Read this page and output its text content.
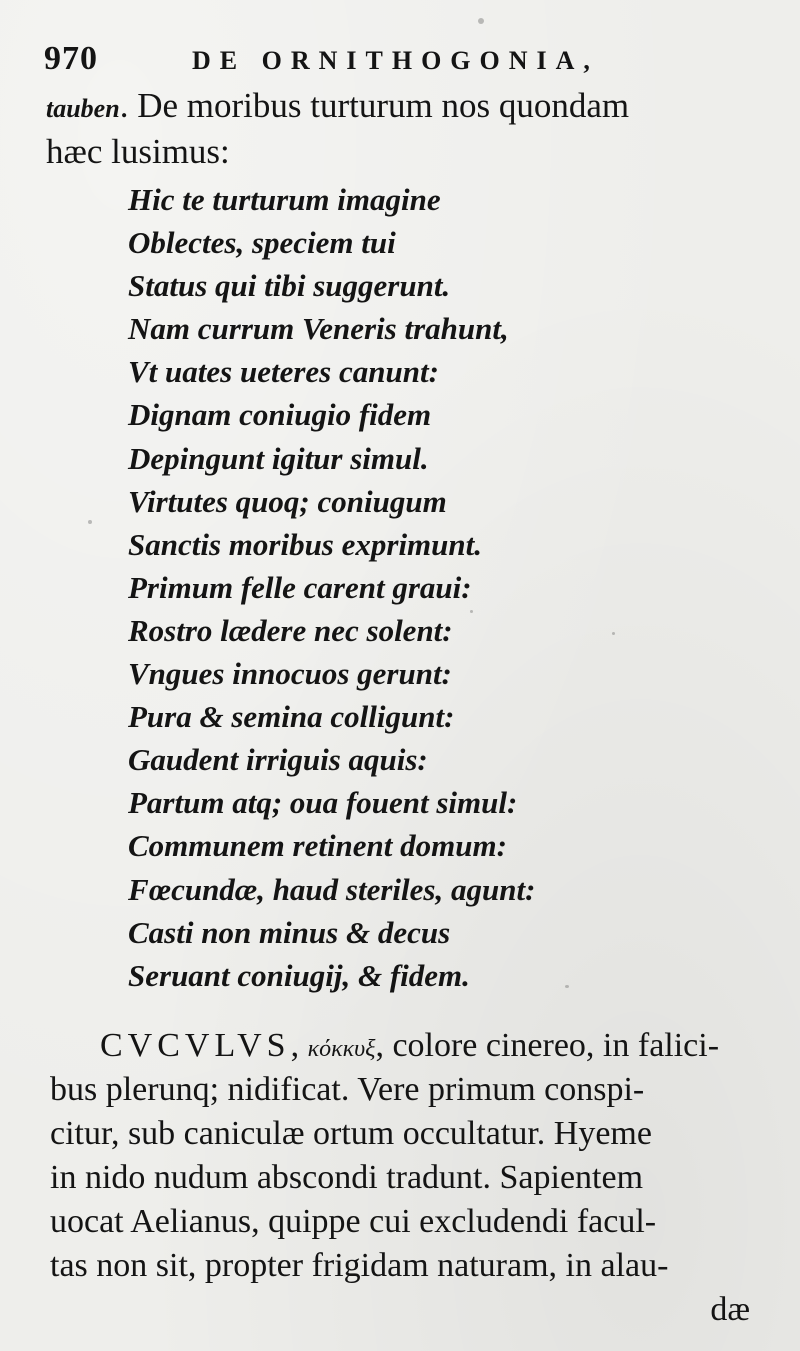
970	DE ORNITHOGONIA,
tauben. De moribus turturum nos quondam
hæc lusimus:
Hic te turturum imagine
Oblectes, speciem tui
Status qui tibi suggerunt.
Nam currum Veneris trahunt,
Vt uates ueteres canunt:
Dignam coniugio fidem
Depingunt igitur simul.
Virtutes quoq; coniugum
Sanctis moribus exprimunt.
Primum felle carent graui:
Rostro lædere nec solent:
Vngues innocuos gerunt:
Pura & semina colligunt:
Gaudent irriguis aquis:
Partum atq; oua fouent simul:
Communem retinent domum:
Fœcundæ, haud steriles, agunt:
Casti non minus & decus
Seruant coniugij, & fidem.
CVCVLVS, κόκκυξ, colore cinereo, in falici-
bus plerunq; nidificat. Vere primum conspi-
citur, sub caniculæ ortum occultatur. Hyeme
in nido nudum abscondi tradunt. Sapientem
uocat Aelianus, quippe cui excludendi facul-
tas non sit, propter frigidam naturam, in alau-
dæ
